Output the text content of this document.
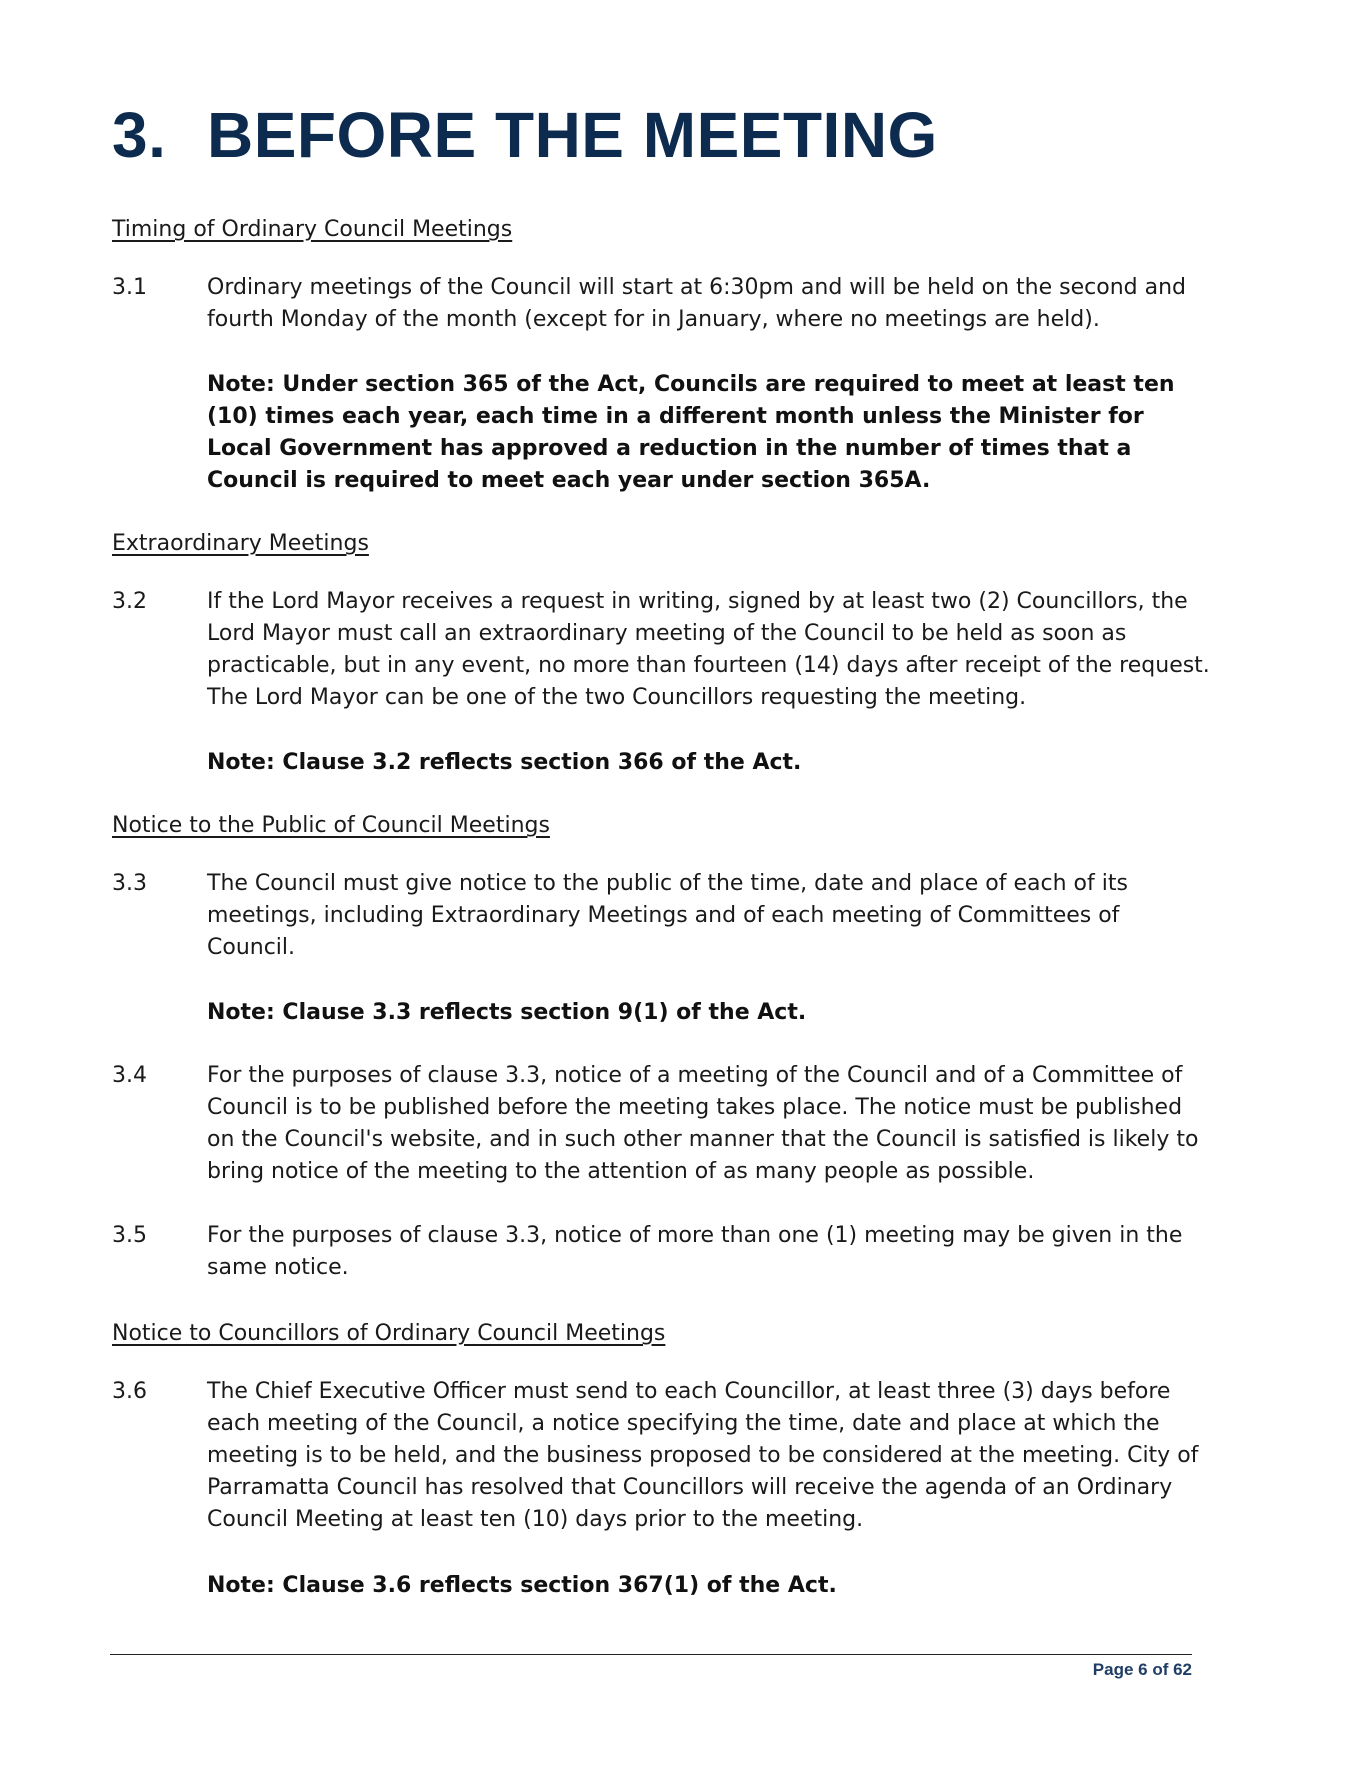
3. BEFORE THE MEETING
Timing of Ordinary Council Meetings
3.1	Ordinary meetings of the Council will start at 6:30pm and will be held on the second and fourth Monday of the month (except for in January, where no meetings are held).
Note: Under section 365 of the Act, Councils are required to meet at least ten (10) times each year, each time in a different month unless the Minister for Local Government has approved a reduction in the number of times that a Council is required to meet each year under section 365A.
Extraordinary Meetings
3.2	If the Lord Mayor receives a request in writing, signed by at least two (2) Councillors, the Lord Mayor must call an extraordinary meeting of the Council to be held as soon as practicable, but in any event, no more than fourteen (14) days after receipt of the request. The Lord Mayor can be one of the two Councillors requesting the meeting.
Note: Clause 3.2 reflects section 366 of the Act.
Notice to the Public of Council Meetings
3.3	The Council must give notice to the public of the time, date and place of each of its meetings, including Extraordinary Meetings and of each meeting of Committees of Council.
Note: Clause 3.3 reflects section 9(1) of the Act.
3.4	For the purposes of clause 3.3, notice of a meeting of the Council and of a Committee of Council is to be published before the meeting takes place. The notice must be published on the Council's website, and in such other manner that the Council is satisfied is likely to bring notice of the meeting to the attention of as many people as possible.
3.5	For the purposes of clause 3.3, notice of more than one (1) meeting may be given in the same notice.
Notice to Councillors of Ordinary Council Meetings
3.6	The Chief Executive Officer must send to each Councillor, at least three (3) days before each meeting of the Council, a notice specifying the time, date and place at which the meeting is to be held, and the business proposed to be considered at the meeting. City of Parramatta Council has resolved that Councillors will receive the agenda of an Ordinary Council Meeting at least ten (10) days prior to the meeting.
Note: Clause 3.6 reflects section 367(1) of the Act.
Page 6 of 62
